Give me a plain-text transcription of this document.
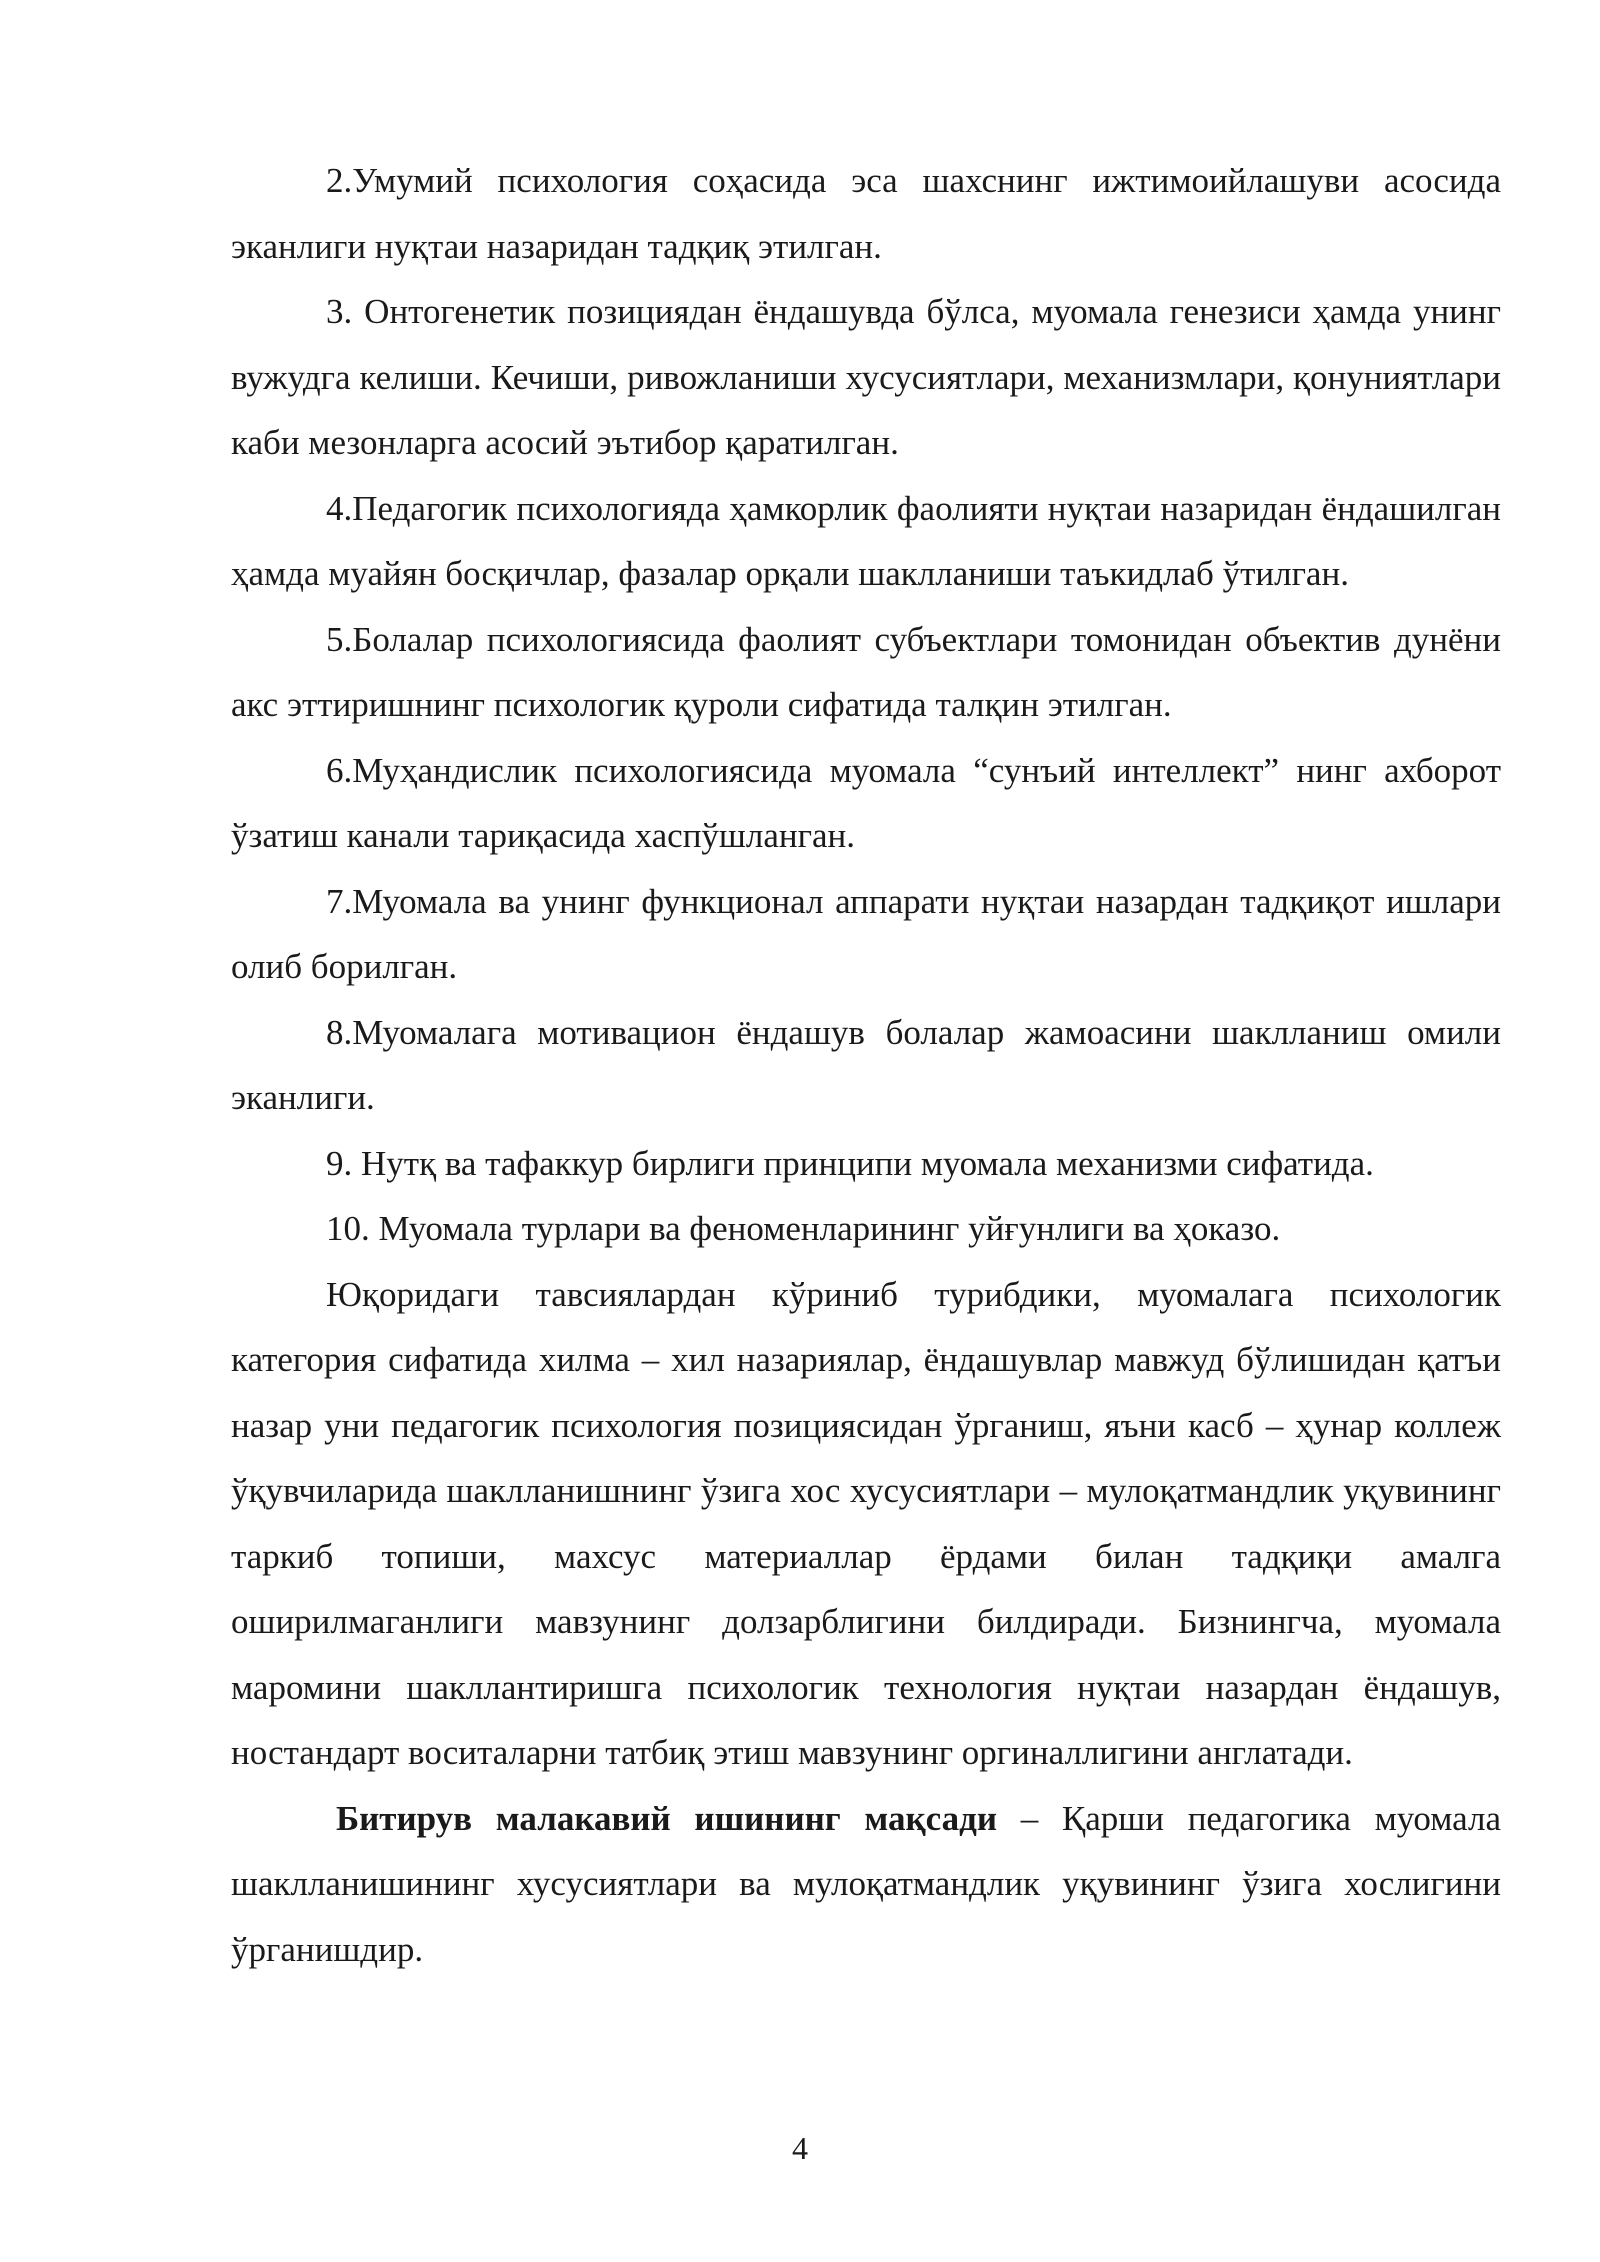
2.Умумий психология соҳасида эса шахснинг ижтимоийлашуви асосида эканлиги нуқтаи назаридан тадқиқ этилган.

3. Онтогенетик позициядан ёндашувда бўлса, муомала генезиси ҳамда унинг вужудга келиши. Кечиши, ривожланиши хусусиятлари, механизмлари, қонуниятлари каби мезонларга асосий эътибор қаратилган.

4.Педагогик психологияда ҳамкорлик фаолияти нуқтаи назаридан ёндашилган ҳамда муайян босқичлар, фазалар орқали шаклланиши таъкидлаб ўтилган.

5.Болалар психологиясида фаолият субъектлари томонидан объектив дунёни акс эттиришнинг психологик қуроли сифатида талқин этилган.

6.Муҳандислик психологиясида муомала “сунъий интеллект” нинг ахборот ўзатиш канали тариқасида хаспўшланган.

7.Муомала ва унинг функционал аппарати нуқтаи назардан тадқиқот ишлари олиб борилган.

8.Муомалага мотивацион ёндашув болалар жамоасини шаклланиш омили эканлиги.

9. Нутқ ва тафаккур бирлиги принципи муомала механизми сифатида.

10. Муомала турлари ва феноменларининг уйғунлиги ва ҳоказо.

Юқоридаги тавсиялардан кўриниб турибдики, муомалага психологик категория сифатида хилма – хил назариялар, ёндашувлар мавжуд бўлишидан қатъи назар уни педагогик психология позициясидан ўрганиш, яъни касб – ҳунар коллеж ўқувчиларида шаклланишнинг ўзига хос хусусиятлари – мулоқатмандлик уқувининг таркиб топиши, махсус материаллар ёрдами билан тадқиқи амалга оширилмаганлиги мавзунинг долзарблигини билдиради. Бизнингча, муомала маромини шакллантиришга психологик технология нуқтаи назардан ёндашув, ностандарт воситаларни татбиқ этиш мавзунинг оргиналлигини англатади.

Битирув малакавий ишининг мақсади – Қарши педагогика муомала шаклланишининг хусусиятлари ва мулоқатмандлик уқувининг ўзига хослигини ўрганишдир.

4
